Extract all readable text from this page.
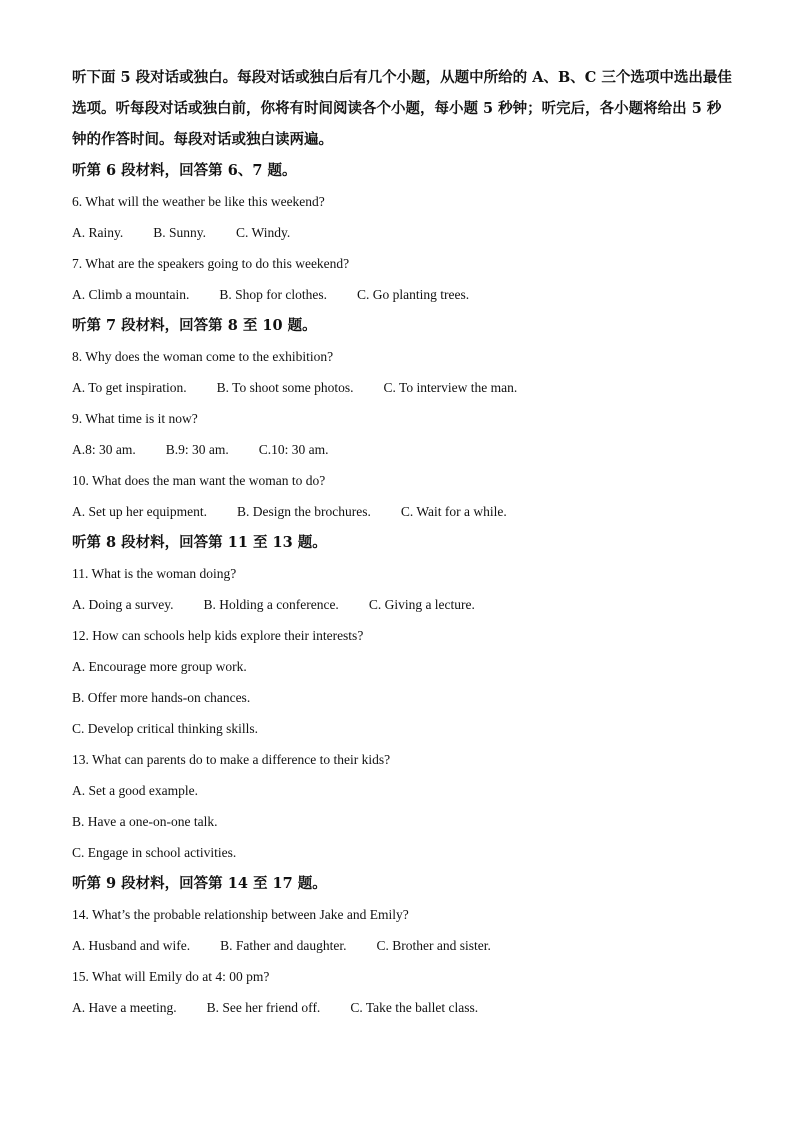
听下面 5 段对话或独白。每段对话或独白后有几个小题，从题中所给的 A、B、C 三个选项中选出最佳选项。听每段对话或独白前，你将有时间阅读各个小题，每小题 5 秒钟；听完后，各小题将给出 5 秒钟的作答时间。每段对话或独白读两遍。

听第 6 段材料，回答第 6、7 题。
6. What will the weather be like this weekend?
A. Rainy. B. Sunny. C. Windy.
7. What are the speakers going to do this weekend?
A. Climb a mountain. B. Shop for clothes. C. Go planting trees.
听第 7 段材料，回答第 8 至 10 题。
8. Why does the woman come to the exhibition?
A. To get inspiration. B. To shoot some photos. C. To interview the man.
9. What time is it now?
A.8: 30 am. B.9: 30 am. C.10: 30 am.
10. What does the man want the woman to do?
A. Set up her equipment. B. Design the brochures. C. Wait for a while.
听第 8 段材料，回答第 11 至 13 题。
11. What is the woman doing?
A. Doing a survey. B. Holding a conference. C. Giving a lecture.
12. How can schools help kids explore their interests?
A. Encourage more group work.
B. Offer more hands-on chances.
C. Develop critical thinking skills.
13. What can parents do to make a difference to their kids?
A. Set a good example.
B. Have a one-on-one talk.
C. Engage in school activities.
听第 9 段材料，回答第 14 至 17 题。
14. What’s the probable relationship between Jake and Emily?
A. Husband and wife. B. Father and daughter. C. Brother and sister.
15. What will Emily do at 4: 00 pm?
A. Have a meeting. B. See her friend off. C. Take the ballet class.
